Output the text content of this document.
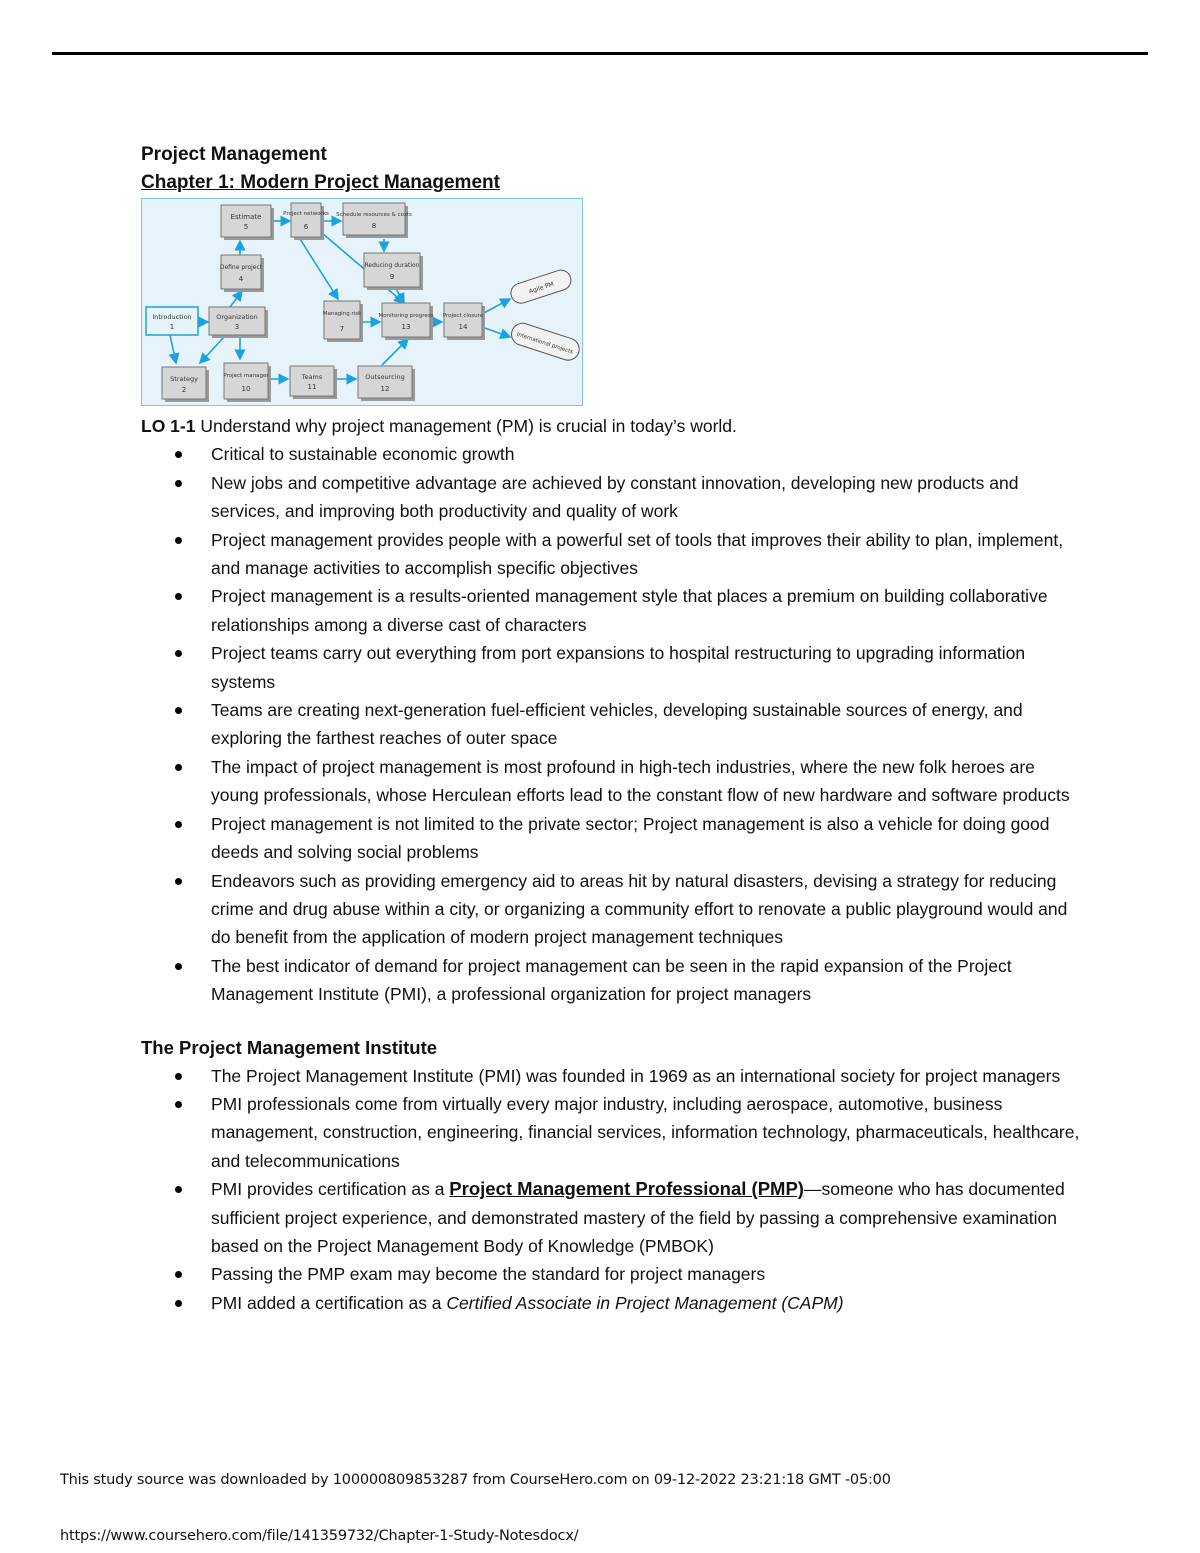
Project Management
Chapter 1: Modern Project Management
Estimate
5
Project networks
6
Schedule resources & costs
8
Define project
4
Reducing duration
9
Introduction
1
Organization
3
Managing risk
7
Monitoring progress
13
Project closure
14
Strategy
2
Project manager
10
Teams
11
Outsourcing
12
Agile PM
International projects
LO 1-1 Understand why project management (PM) is crucial in today’s world.
Critical to sustainable economic growth
New jobs and competitive advantage are achieved by constant innovation, developing new products and services, and improving both productivity and quality of work
Project management provides people with a powerful set of tools that improves their ability to plan, implement, and manage activities to accomplish specific objectives
Project management is a results-oriented management style that places a premium on building collaborative relationships among a diverse cast of characters
Project teams carry out everything from port expansions to hospital restructuring to upgrading information systems
Teams are creating next-generation fuel-efficient vehicles, developing sustainable sources of energy, and exploring the farthest reaches of outer space
The impact of project management is most profound in high-tech industries, where the new folk heroes are young professionals, whose Herculean efforts lead to the constant flow of new hardware and software products
Project management is not limited to the private sector; Project management is also a vehicle for doing good deeds and solving social problems
Endeavors such as providing emergency aid to areas hit by natural disasters, devising a strategy for reducing crime and drug abuse within a city, or organizing a community effort to renovate a public playground would and do benefit from the application of modern project management techniques
The best indicator of demand for project management can be seen in the rapid expansion of the Project Management Institute (PMI), a professional organization for project managers
The Project Management Institute
The Project Management Institute (PMI) was founded in 1969 as an international society for project managers
PMI professionals come from virtually every major industry, including aerospace, automotive, business management, construction, engineering, financial services, information technology, pharmaceuticals, healthcare, and telecommunications
PMI provides certification as a Project Management Professional (PMP)—someone who has documented sufficient project experience, and demonstrated mastery of the field by passing a comprehensive examination based on the Project Management Body of Knowledge (PMBOK)
Passing the PMP exam may become the standard for project managers
PMI added a certification as a Certified Associate in Project Management (CAPM)
This study source was downloaded by 100000809853287 from CourseHero.com on 09-12-2022 23:21:18 GMT -05:00
https://www.coursehero.com/file/141359732/Chapter-1-Study-Notesdocx/
